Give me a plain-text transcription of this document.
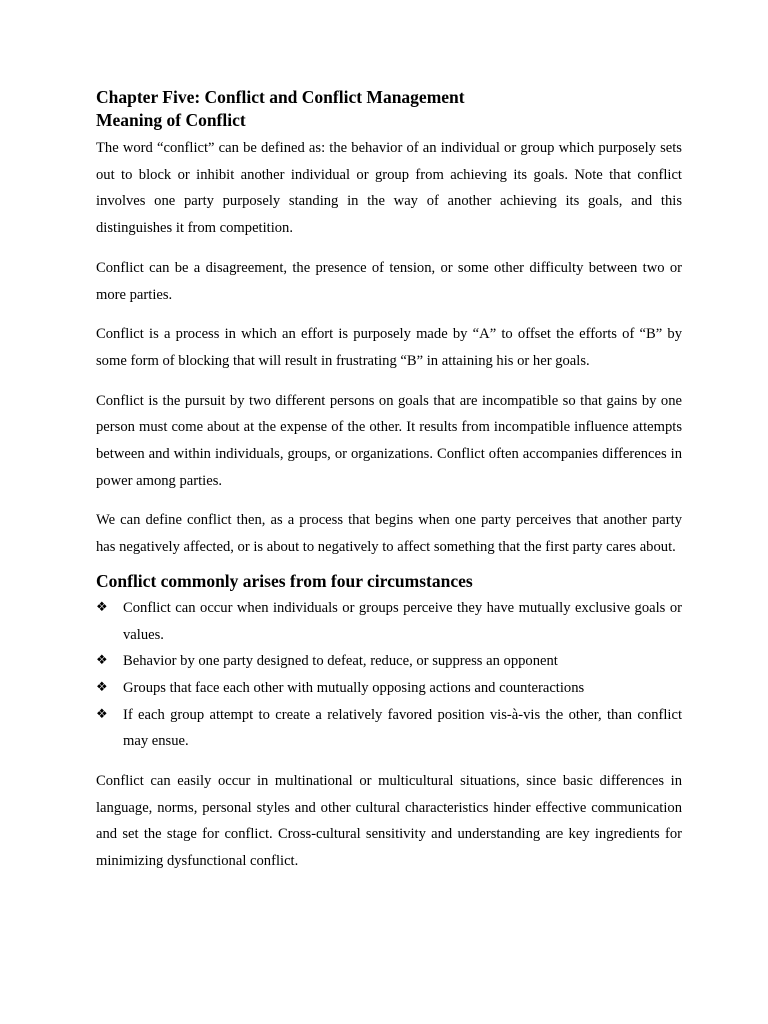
Chapter Five: Conflict and Conflict Management
Meaning of Conflict

The word “conflict” can be defined as: the behavior of an individual or group which purposely sets out to block or inhibit another individual or group from achieving its goals. Note that conflict involves one party purposely standing in the way of another achieving its goals, and this distinguishes it from competition.

Conflict can be a disagreement, the presence of tension, or some other difficulty between two or more parties.

Conflict is a process in which an effort is purposely made by “A” to offset the efforts of “B” by some form of blocking that will result in frustrating “B” in attaining his or her goals.

Conflict is the pursuit by two different persons on goals that are incompatible so that gains by one person must come about at the expense of the other. It results from incompatible influence attempts between and within individuals, groups, or organizations. Conflict often accompanies differences in power among parties.

We can define conflict then, as a process that begins when one party perceives that another party has negatively affected, or is about to negatively to affect something that the first party cares about.

Conflict commonly arises from four circumstances
❖ Conflict can occur when individuals or groups perceive they have mutually exclusive goals or values.
❖ Behavior by one party designed to defeat, reduce, or suppress an opponent
❖ Groups that face each other with mutually opposing actions and counteractions
❖ If each group attempt to create a relatively favored position vis-à-vis the other, than conflict may ensue.

Conflict can easily occur in multinational or multicultural situations, since basic differences in language, norms, personal styles and other cultural characteristics hinder effective communication and set the stage for conflict. Cross-cultural sensitivity and understanding are key ingredients for minimizing dysfunctional conflict.
